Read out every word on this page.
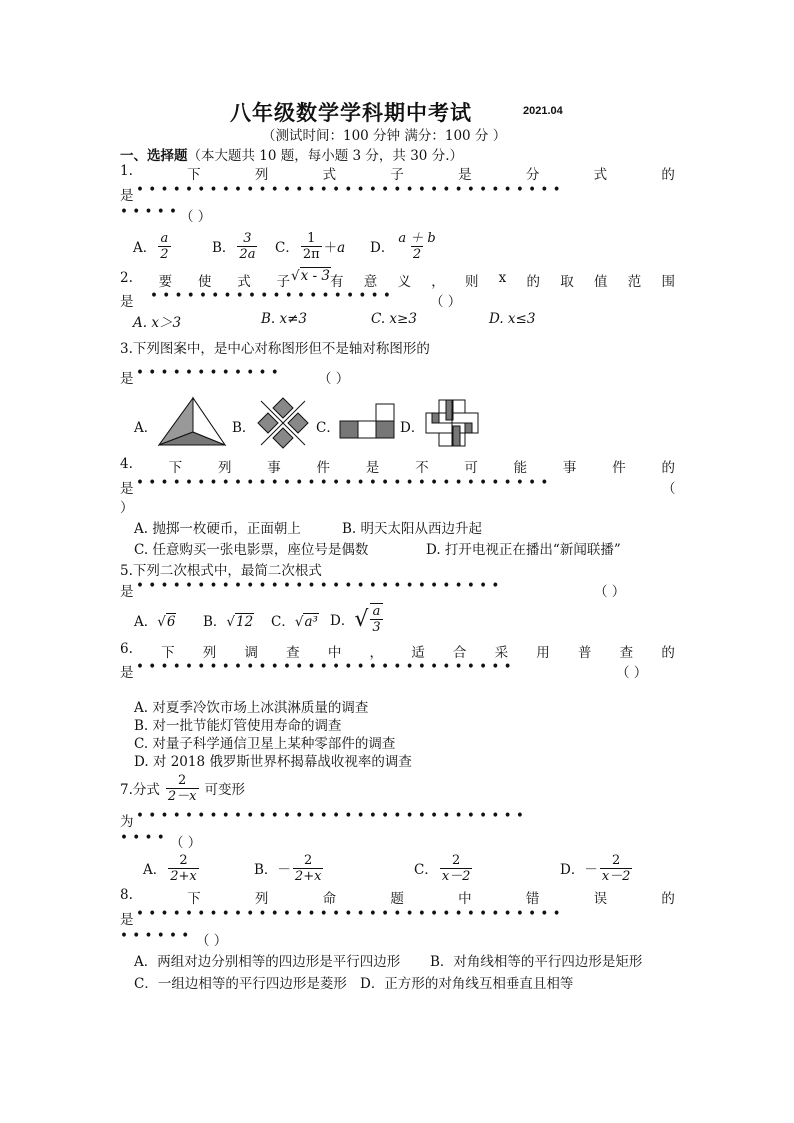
八年级数学学科期中考试	2021.04
（测试时间：100 分钟 满分：100 分 ）
一、选择题（本大题共 10 题，每小题 3 分，共 30 分.）
1.	下	列	式	子	是	分	式	的
是 • • • • • • • • • • • • • • • • • • • • • • • • • • • • • • • • • • •
• • • • • （ ）
A． $\frac{a}{2}$	B． $\frac{3}{2a}$ C． $\frac{1}{2\pi} +a$ D． $\frac{a + b}{2}$
2. 要 使 式 子 √x - 3 有 意 义 ， 则 x 的 取 值 范 围
是 • • • • • • • • • • • • • • • • • • • •	（ ）
A. x＞3	B. x≠3	C. x≥3	D. x≤3
3.下列图案中，是中心对称图形但不是轴对称图形的
是 • • • • • • • • • • • •	（ ）
A．	B．	C．	D．
4.	下	列	事	件	是	不	可	能	事	件	的
是 • • • • • • • • • • • • • • • • • • • • • • • • • • • • • • • • • •	（
）
A. 抛掷一枚硬币，正面朝上	B. 明天太阳从西边升起
C. 任意购买一张电影票，座位号是偶数	D. 打开电视正在播出“新闻联播”
5.下列二次根式中，最简二次根式
是 • • • • • • • • • • • • • • • • • • • • • • • • • • • • • •	（ ）
A．√6 B．√12 C．√a³ D． √ $\frac{a}{3}$
6. 下 列 调 查 中 ， 适 合 采 用 普 查 的
是 • • • • • • • • • • • • • • • • • • • • • • • • • • • • • • •	（ ）
A. 对夏季冷饮市场上冰淇淋质量的调查
B. 对一批节能灯管使用寿命的调查
C. 对量子科学通信卫星上某种零部件的调查
D. 对 2018 俄罗斯世界杯揭幕战收视率的调查
7.分式 $\frac{2}{2-x}$ 可变形
为 • • • • • • • • • • • • • • • • • • • • • • • • • • • • • • • •
• • • • （ ）
A． $\frac{2}{2+x}$	B．－ $\frac{2}{2+x}$	C． $\frac{2}{x-2}$	D．－ $\frac{2}{x-2}$
8.	下	列	命	题	中	错	误	的
是 • • • • • • • • • • • • • • • • • • • • • • • • • • • • • • • • • • •
• • • • • • （ ）
A．两组对边分别相等的四边形是平行四边形 B．对角线相等的平行四边形是矩形
C．一组边相等的平行四边形是菱形 D．正方形的对角线互相垂直且相等
